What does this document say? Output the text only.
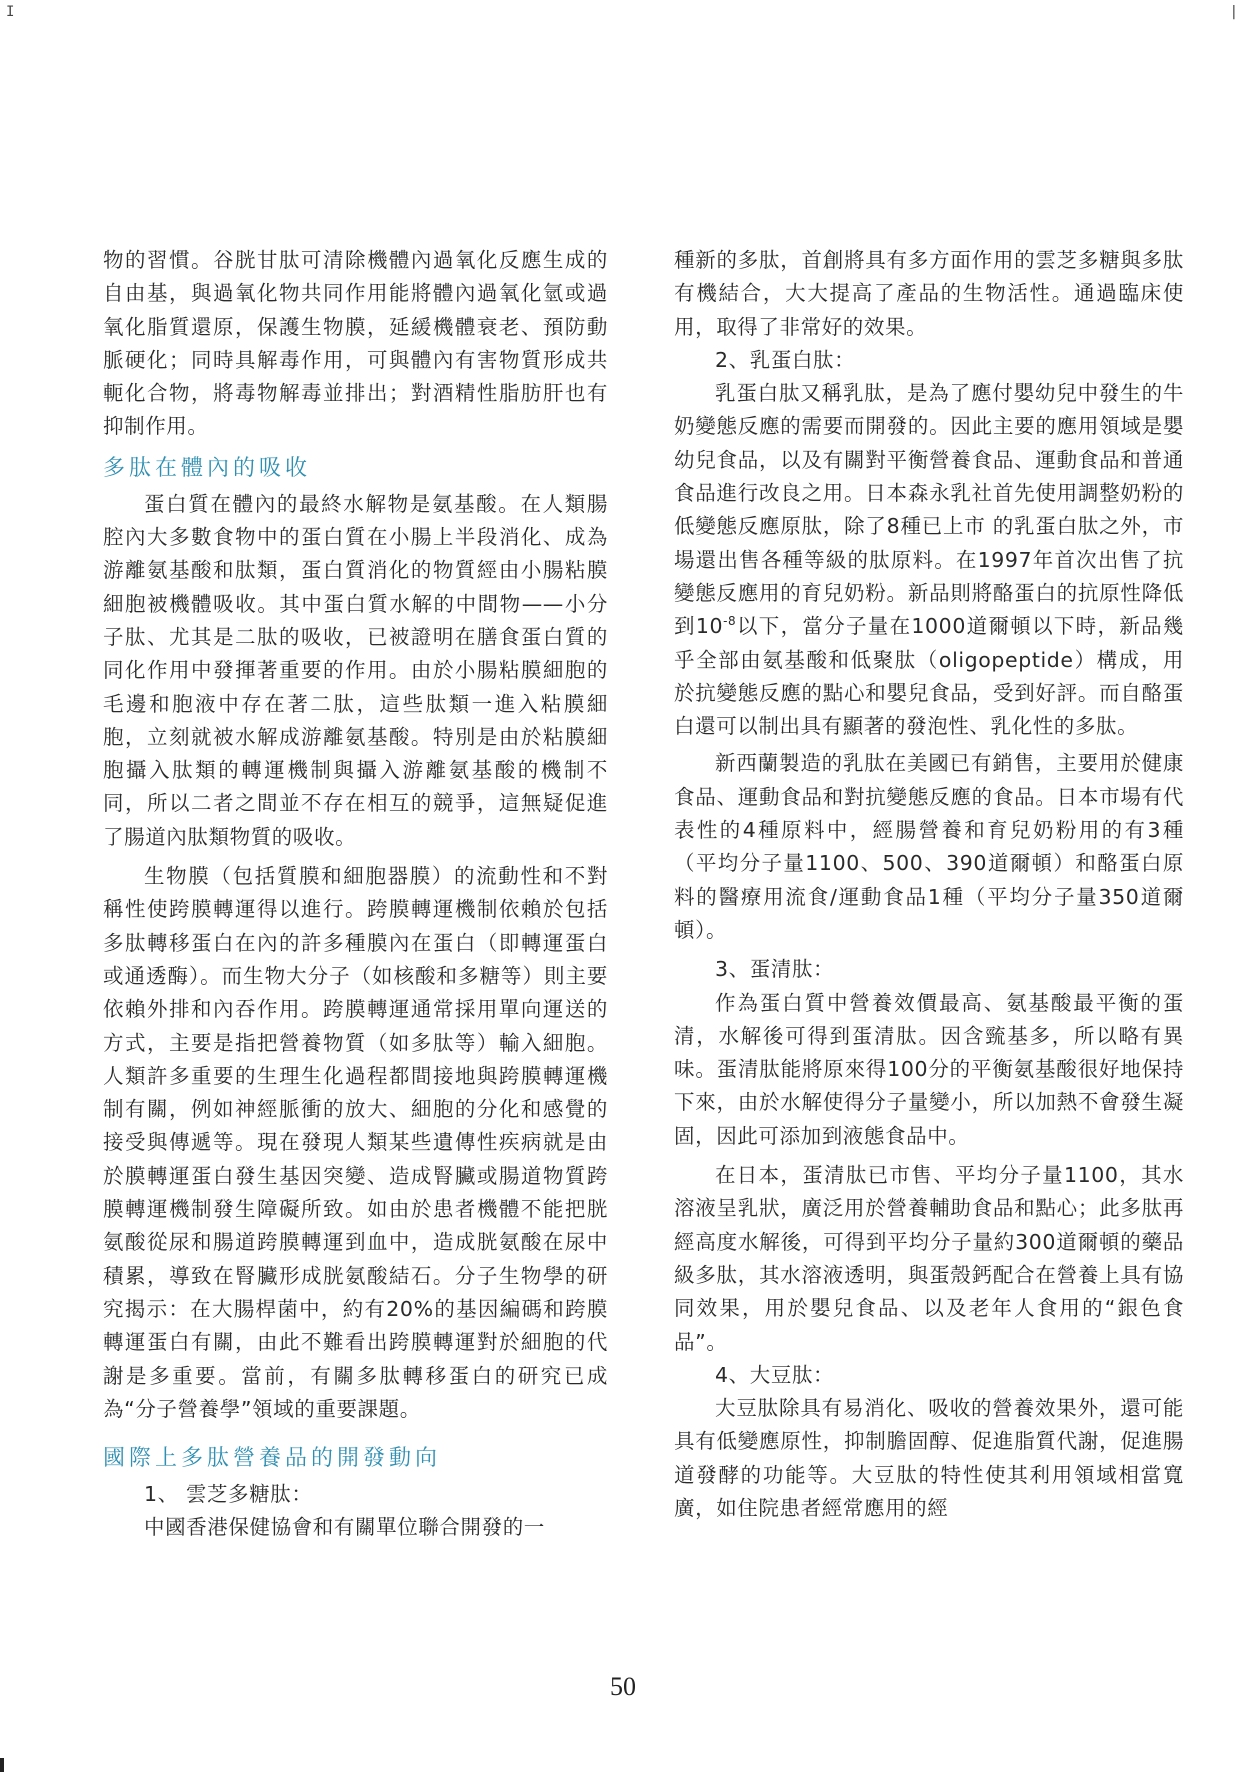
I	|

物的習慣。谷胱甘肽可清除機體內過氧化反應生成的自由基，與過氧化物共同作用能將體內過氧化氫或過氧化脂質還原，保護生物膜，延緩機體衰老、預防動脈硬化；同時具解毒作用，可與體內有害物質形成共軛化合物，將毒物解毒並排出；對酒精性脂肪肝也有抑制作用。

多肽在體內的吸收

蛋白質在體內的最終水解物是氨基酸。在人類腸腔內大多數食物中的蛋白質在小腸上半段消化、成為游離氨基酸和肽類，蛋白質消化的物質經由小腸粘膜細胞被機體吸收。其中蛋白質水解的中間物——小分子肽、尤其是二肽的吸收，已被證明在膳食蛋白質的同化作用中發揮著重要的作用。由於小腸粘膜細胞的毛邊和胞液中存在著二肽，這些肽類一進入粘膜細胞，立刻就被水解成游離氨基酸。特別是由於粘膜細胞攝入肽類的轉運機制與攝入游離氨基酸的機制不同，所以二者之間並不存在相互的競爭，這無疑促進了腸道內肽類物質的吸收。

生物膜（包括質膜和細胞器膜）的流動性和不對稱性使跨膜轉運得以進行。跨膜轉運機制依賴於包括多肽轉移蛋白在內的許多種膜內在蛋白（即轉運蛋白或通透酶）。而生物大分子（如核酸和多糖等）則主要依賴外排和內吞作用。跨膜轉運通常採用單向運送的方式，主要是指把營養物質（如多肽等）輸入細胞。人類許多重要的生理生化過程都間接地與跨膜轉運機制有關，例如神經脈衝的放大、細胞的分化和感覺的接受與傳遞等。現在發現人類某些遺傳性疾病就是由於膜轉運蛋白發生基因突變、造成腎臟或腸道物質跨膜轉運機制發生障礙所致。如由於患者機體不能把胱氨酸從尿和腸道跨膜轉運到血中，造成胱氨酸在尿中積累，導致在腎臟形成胱氨酸結石。分子生物學的研究揭示：在大腸桿菌中，約有20%的基因編碼和跨膜轉運蛋白有關，由此不難看出跨膜轉運對於細胞的代謝是多重要。當前，有關多肽轉移蛋白的研究已成為“分子營養學”領域的重要課題。

國際上多肽營養品的開發動向

1、 雲芝多糖肽：

中國香港保健協會和有關單位聯合開發的一

種新的多肽，首創將具有多方面作用的雲芝多糖與多肽有機結合，大大提高了產品的生物活性。通過臨床使用，取得了非常好的效果。

2、乳蛋白肽：

乳蛋白肽又稱乳肽，是為了應付嬰幼兒中發生的牛奶變態反應的需要而開發的。因此主要的應用領域是嬰幼兒食品，以及有關對平衡營養食品、運動食品和普通食品進行改良之用。日本森永乳社首先使用調整奶粉的低變態反應原肽，除了8種已上市 的乳蛋白肽之外，市場還出售各種等級的肽原料。在1997年首次出售了抗變態反應用的育兒奶粉。新品則將酪蛋白的抗原性降低到$10^{-8}$以下，當分子量在1000道爾頓以下時，新品幾乎全部由氨基酸和低聚肽（oligopeptide）構成，用於抗變態反應的點心和嬰兒食品，受到好評。而自酪蛋白還可以制出具有顯著的發泡性、乳化性的多肽。

新西蘭製造的乳肽在美國已有銷售，主要用於健康食品、運動食品和對抗變態反應的食品。日本市場有代表性的4種原料中，經腸營養和育兒奶粉用的有3種（平均分子量1100、500、390道爾頓）和酪蛋白原料的醫療用流食/運動食品1種（平均分子量350道爾頓）。

3、蛋清肽：

作為蛋白質中營養效價最高、氨基酸最平衡的蛋清，水解後可得到蛋清肽。因含巰基多，所以略有異味。蛋清肽能將原來得100分的平衡氨基酸很好地保持下來，由於水解使得分子量變小，所以加熱不會發生凝固，因此可添加到液態食品中。

在日本，蛋清肽已市售、平均分子量1100，其水溶液呈乳狀，廣泛用於營養輔助食品和點心；此多肽再經高度水解後，可得到平均分子量約300道爾頓的藥品級多肽，其水溶液透明，與蛋殼鈣配合在營養上具有協同效果，用於嬰兒食品、以及老年人食用的“銀色食品”。

4、大豆肽：

大豆肽除具有易消化、吸收的營養效果外，還可能具有低變應原性，抑制膽固醇、促進脂質代謝，促進腸道發酵的功能等。大豆肽的特性使其利用領域相當寬廣，如住院患者經常應用的經

50
